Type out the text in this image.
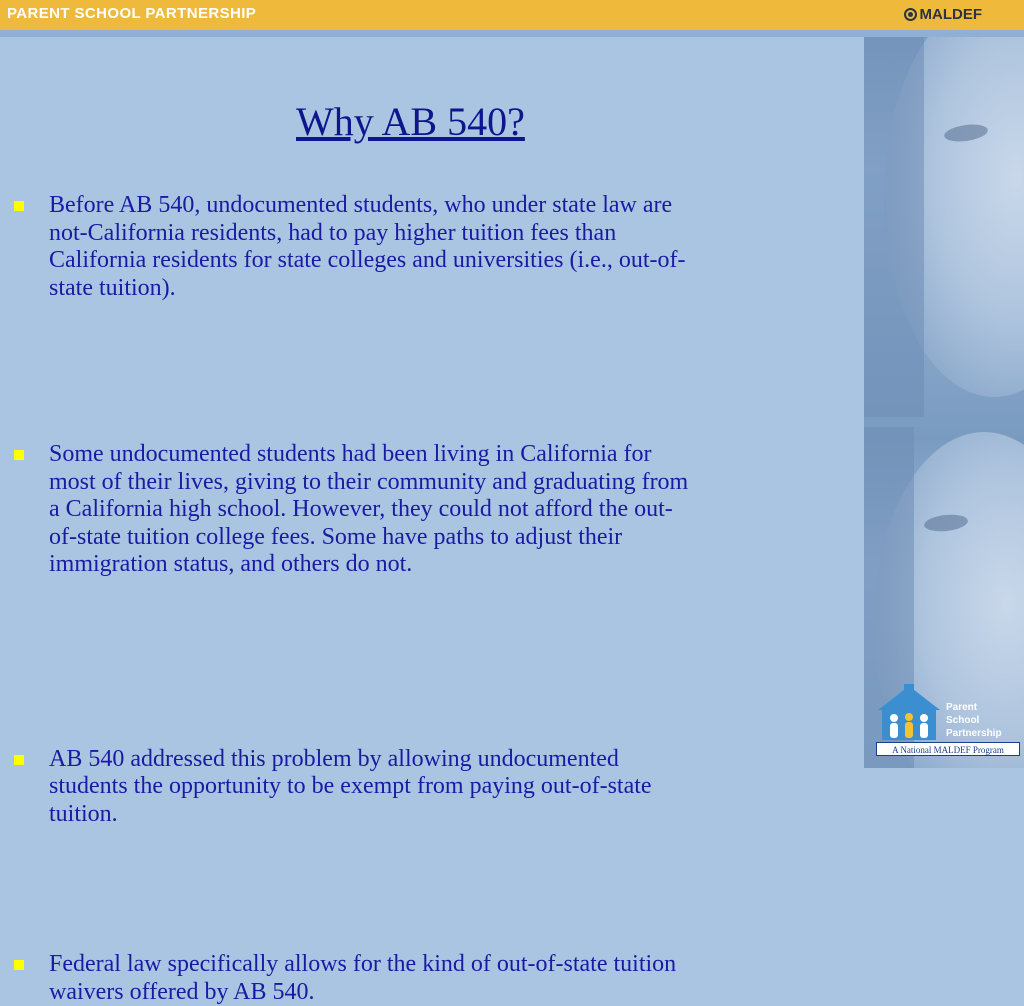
PARENT SCHOOL PARTNERSHIP	MALDEF
Why AB 540?
Before AB 540, undocumented students, who under state law are
not-California residents, had to pay higher tuition fees than
California residents for state colleges and universities (i.e., out-of-
state tuition).
Some undocumented students had been living in California for
most of their lives, giving to their community and graduating from
a California high school. However, they could not afford the out-
of-state tuition college fees. Some have paths to adjust their
immigration status, and others do not.
AB 540 addressed this problem by allowing undocumented
students the opportunity to be exempt from paying out-of-state
tuition.
Federal law specifically allows for the kind of out-of-state tuition
waivers offered by AB 540.
Parent
School
Partnership
A National MALDEF Program
